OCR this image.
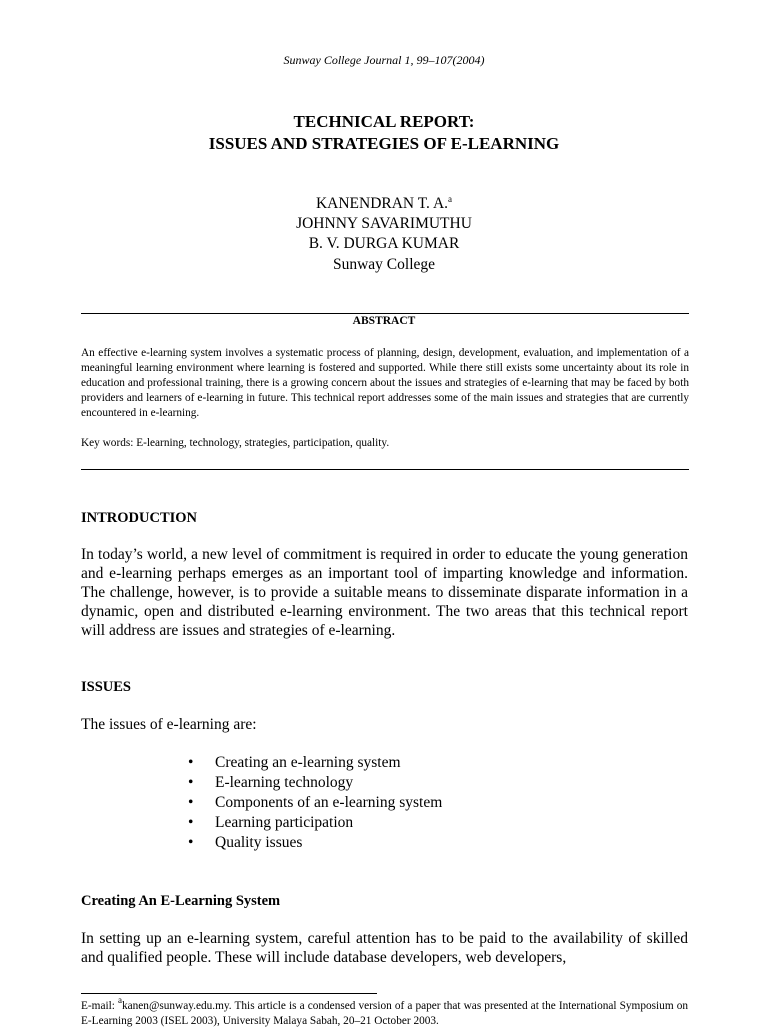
Sunway College Journal 1, 99–107(2004)
TECHNICAL REPORT:
ISSUES AND STRATEGIES OF E-LEARNING
KANENDRAN T. A.$^a$
JOHNNY SAVARIMUTHU
B. V. DURGA KUMAR
Sunway College
ABSTRACT
An effective e-learning system involves a systematic process of planning, design, development, evaluation, and implementation of a meaningful learning environment where learning is fostered and supported. While there still exists some uncertainty about its role in education and professional training, there is a growing concern about the issues and strategies of e-learning that may be faced by both providers and learners of e-learning in future. This technical report addresses some of the main issues and strategies that are currently encountered in e-learning.
Key words: E-learning, technology, strategies, participation, quality.
INTRODUCTION
In today’s world, a new level of commitment is required in order to educate the young generation and e-learning perhaps emerges as an important tool of imparting knowledge and information. The challenge, however, is to provide a suitable means to disseminate disparate information in a dynamic, open and distributed e-learning environment. The two areas that this technical report will address are issues and strategies of e-learning.
ISSUES
The issues of e-learning are:
•	Creating an e-learning system
•	E-learning technology
•	Components of an e-learning system
•	Learning participation
•	Quality issues
Creating An E-Learning System
In setting up an e-learning system, careful attention has to be paid to the availability of skilled and qualified people. These will include database developers, web developers,
E-mail: $^a$kanen@sunway.edu.my. This article is a condensed version of a paper that was presented at the International Symposium on E-Learning 2003 (ISEL 2003), University Malaya Sabah, 20–21 October 2003.
